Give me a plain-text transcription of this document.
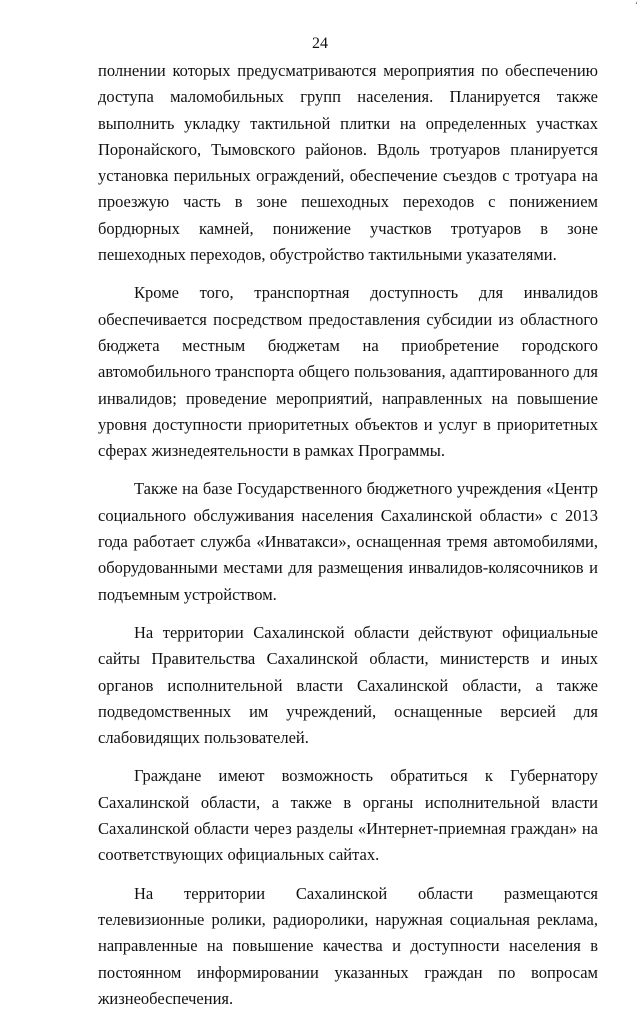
ʻ
24

полнении которых предусматриваются мероприятия по обеспечению доступа маломобильных групп населения. Планируется также выполнить укладку тактильной плитки на определенных участках Поронайского, Тымовского районов. Вдоль тротуаров планируется установка перильных ограждений, обеспечение съездов с тротуара на проезжую часть в зоне пешеходных переходов с понижением бордюрных камней, понижение участков тротуаров в зоне пешеходных переходов, обустройство тактильными указателями.

Кроме того, транспортная доступность для инвалидов обеспечивается посредством предоставления субсидии из областного бюджета местным бюджетам на приобретение городского автомобильного транспорта общего пользования, адаптированного для инвалидов; проведение мероприятий, направленных на повышение уровня доступности приоритетных объектов и услуг в приоритетных сферах жизнедеятельности в рамках Программы.

Также на базе Государственного бюджетного учреждения «Центр социального обслуживания населения Сахалинской области» с 2013 года работает служба «Инватакси», оснащенная тремя автомобилями, оборудованными местами для размещения инвалидов-колясочников и подъемным устройством.

На территории Сахалинской области действуют официальные сайты Правительства Сахалинской области, министерств и иных органов исполнительной власти Сахалинской области, а также подведомственных им учреждений, оснащенные версией для слабовидящих пользователей.

Граждане имеют возможность обратиться к Губернатору Сахалинской области, а также в органы исполнительной власти Сахалинской области через разделы «Интернет-приемная граждан» на соответствующих официальных сайтах.

На территории Сахалинской области размещаются телевизионные ролики, радиоролики, наружная социальная реклама, направленные на повышение качества и доступности населения в постоянном информировании указанных граждан по вопросам жизнеобеспечения.
